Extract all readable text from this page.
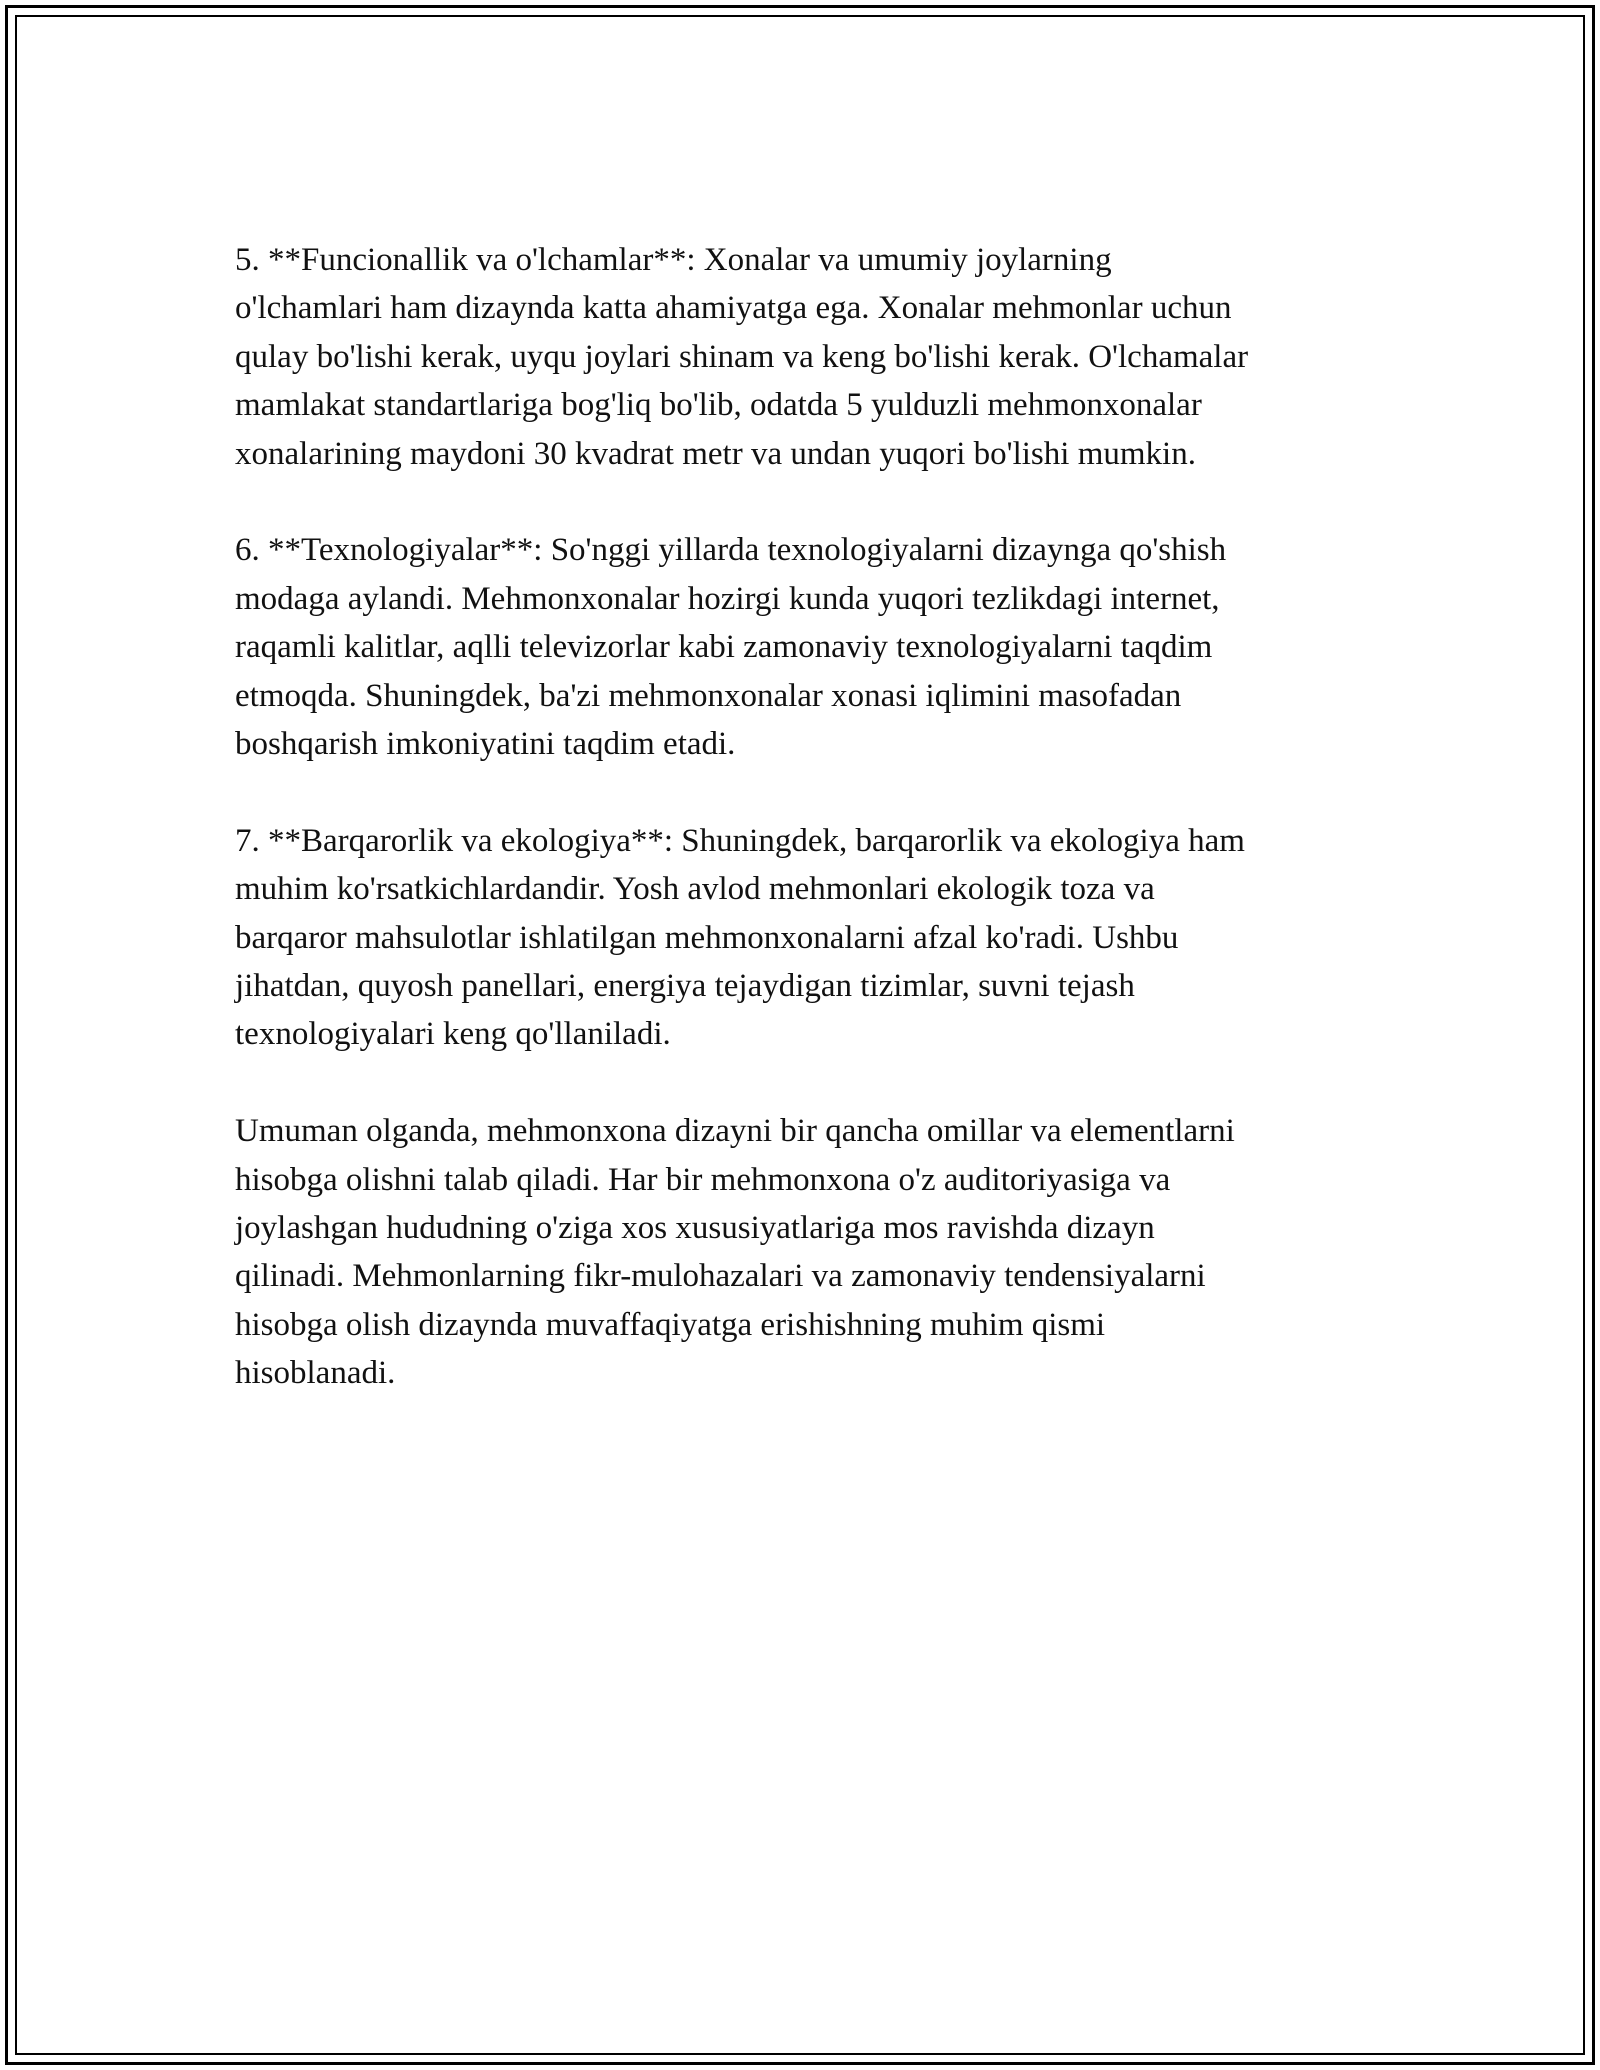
5. **Funcionallik va o'lchamlar**: Xonalar va umumiy joylarning
o'lchamlari ham dizaynda katta ahamiyatga ega. Xonalar mehmonlar uchun
qulay bo'lishi kerak, uyqu joylari shinam va keng bo'lishi kerak. O'lchamalar
mamlakat standartlariga bog'liq bo'lib, odatda 5 yulduzli mehmonxonalar
xonalarining maydoni 30 kvadrat metr va undan yuqori bo'lishi mumkin.

6. **Texnologiyalar**: So'nggi yillarda texnologiyalarni dizaynga qo'shish
modaga aylandi. Mehmonxonalar hozirgi kunda yuqori tezlikdagi internet,
raqamli kalitlar, aqlli televizorlar kabi zamonaviy texnologiyalarni taqdim
etmoqda. Shuningdek, ba'zi mehmonxonalar xonasi iqlimini masofadan
boshqarish imkoniyatini taqdim etadi.

7. **Barqarorlik va ekologiya**: Shuningdek, barqarorlik va ekologiya ham
muhim ko'rsatkichlardandir. Yosh avlod mehmonlari ekologik toza va
barqaror mahsulotlar ishlatilgan mehmonxonalarni afzal ko'radi. Ushbu
jihatdan, quyosh panellari, energiya tejaydigan tizimlar, suvni tejash
texnologiyalari keng qo'llaniladi.

Umuman olganda, mehmonxona dizayni bir qancha omillar va elementlarni
hisobga olishni talab qiladi. Har bir mehmonxona o'z auditoriyasiga va
joylashgan hududning o'ziga xos xususiyatlariga mos ravishda dizayn
qilinadi. Mehmonlarning fikr-mulohazalari va zamonaviy tendensiyalarni
hisobga olish dizaynda muvaffaqiyatga erishishning muhim qismi
hisoblanadi.
